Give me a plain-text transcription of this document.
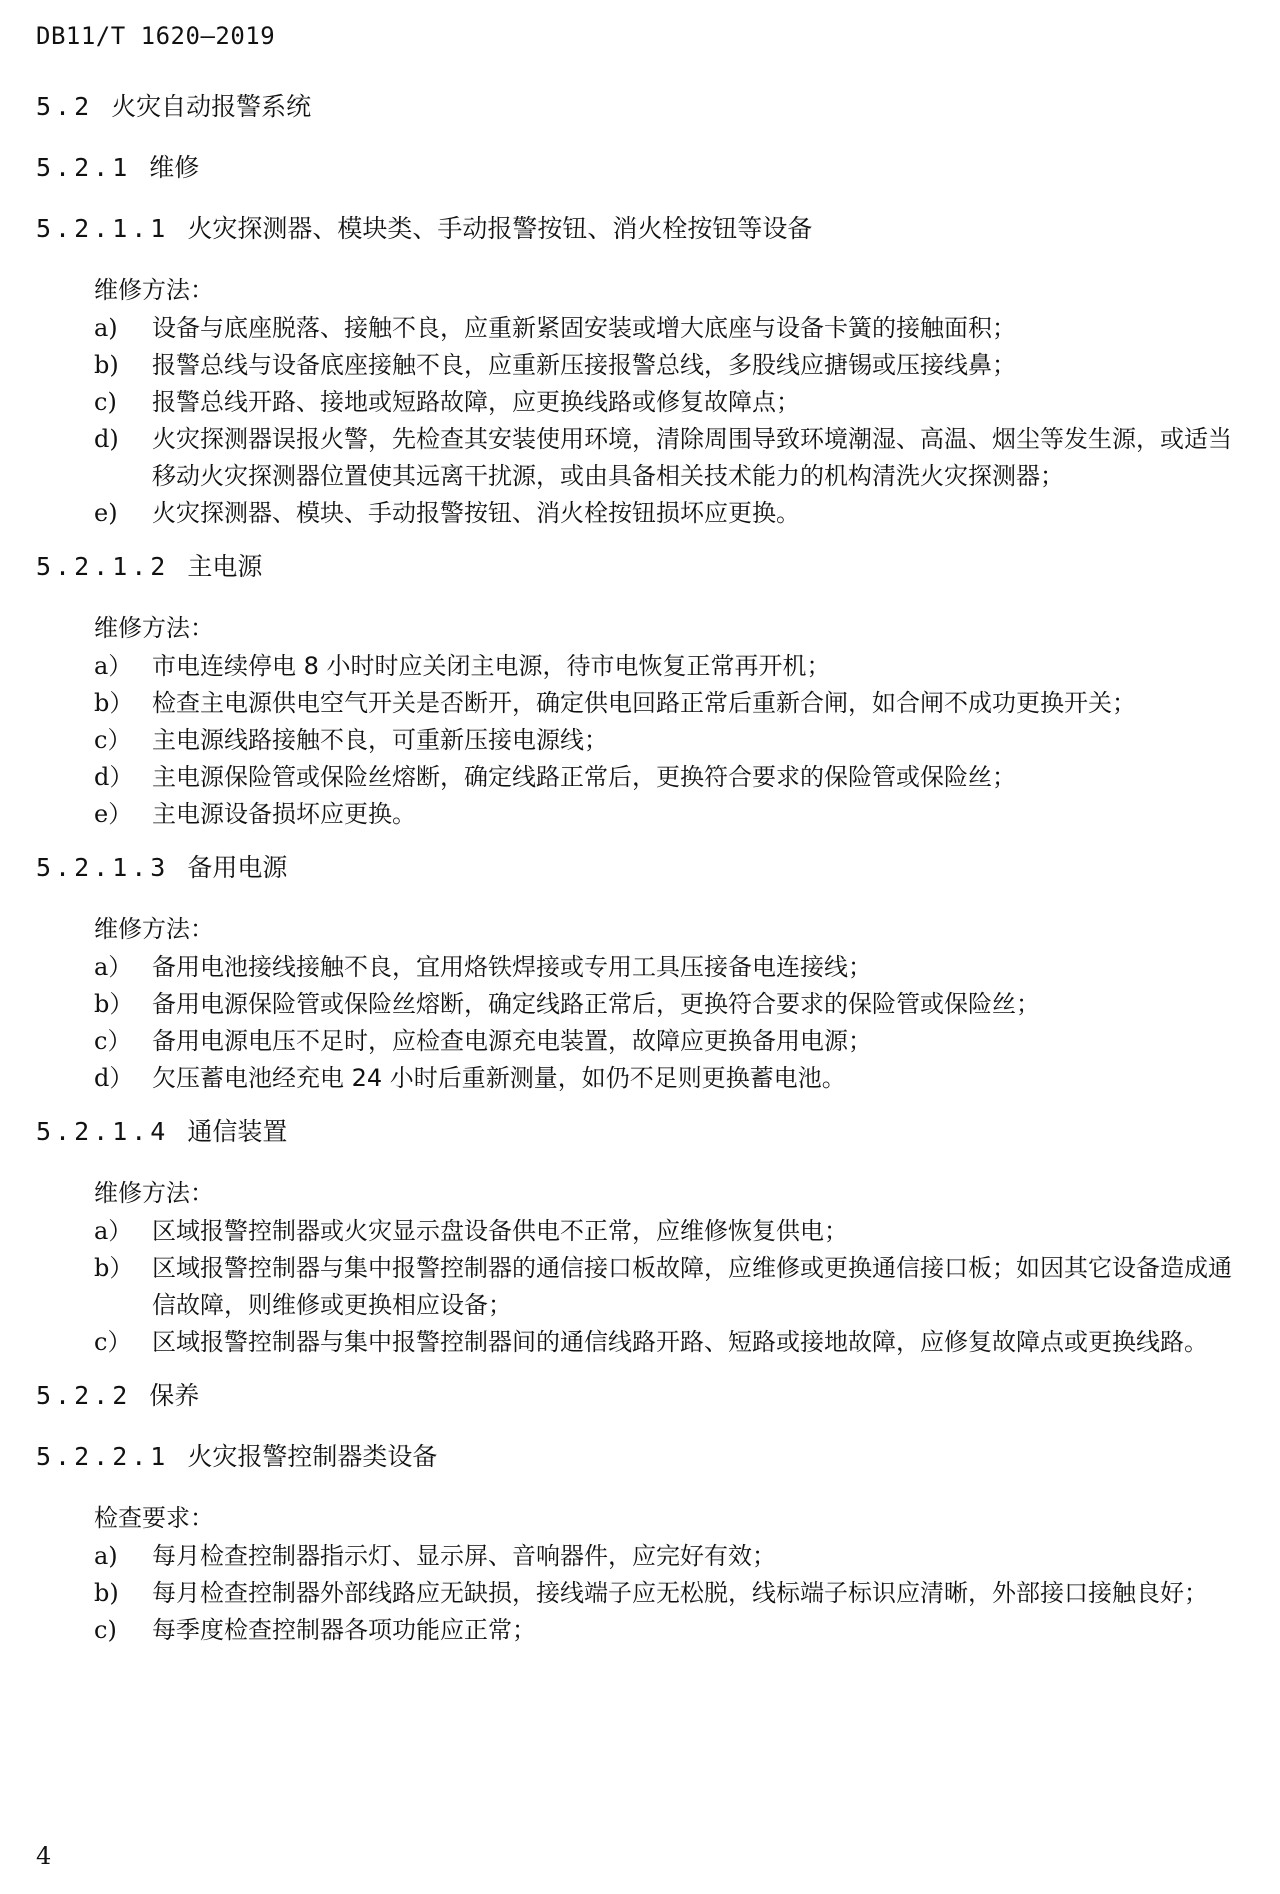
DB11/T 1620—2019
5.2 火灾自动报警系统
5.2.1 维修
5.2.1.1 火灾探测器、模块类、手动报警按钮、消火栓按钮等设备
维修方法：
a)	设备与底座脱落、接触不良，应重新紧固安装或增大底座与设备卡簧的接触面积；
b)	报警总线与设备底座接触不良，应重新压接报警总线，多股线应搪锡或压接线鼻；
c)	报警总线开路、接地或短路故障，应更换线路或修复故障点；
d)	火灾探测器误报火警，先检查其安装使用环境，清除周围导致环境潮湿、高温、烟尘等发生源，或适当移动火灾探测器位置使其远离干扰源，或由具备相关技术能力的机构清洗火灾探测器；
e)	火灾探测器、模块、手动报警按钮、消火栓按钮损坏应更换。
5.2.1.2 主电源
维修方法：
a） 市电连续停电 8 小时时应关闭主电源，待市电恢复正常再开机；
b） 检查主电源供电空气开关是否断开，确定供电回路正常后重新合闸，如合闸不成功更换开关；
c） 主电源线路接触不良，可重新压接电源线；
d） 主电源保险管或保险丝熔断，确定线路正常后，更换符合要求的保险管或保险丝；
e） 主电源设备损坏应更换。
5.2.1.3 备用电源
维修方法：
a） 备用电池接线接触不良，宜用烙铁焊接或专用工具压接备电连接线；
b） 备用电源保险管或保险丝熔断，确定线路正常后，更换符合要求的保险管或保险丝；
c） 备用电源电压不足时，应检查电源充电装置，故障应更换备用电源；
d） 欠压蓄电池经充电 24 小时后重新测量，如仍不足则更换蓄电池。
5.2.1.4 通信装置
维修方法：
a） 区域报警控制器或火灾显示盘设备供电不正常，应维修恢复供电；
b） 区域报警控制器与集中报警控制器的通信接口板故障，应维修或更换通信接口板；如因其它设备造成通信故障，则维修或更换相应设备；
c） 区域报警控制器与集中报警控制器间的通信线路开路、短路或接地故障，应修复故障点或更换线路。
5.2.2 保养
5.2.2.1 火灾报警控制器类设备
检查要求：
a)	每月检查控制器指示灯、显示屏、音响器件，应完好有效；
b)	每月检查控制器外部线路应无缺损，接线端子应无松脱，线标端子标识应清晰，外部接口接触良好；
c)	每季度检查控制器各项功能应正常；
4
